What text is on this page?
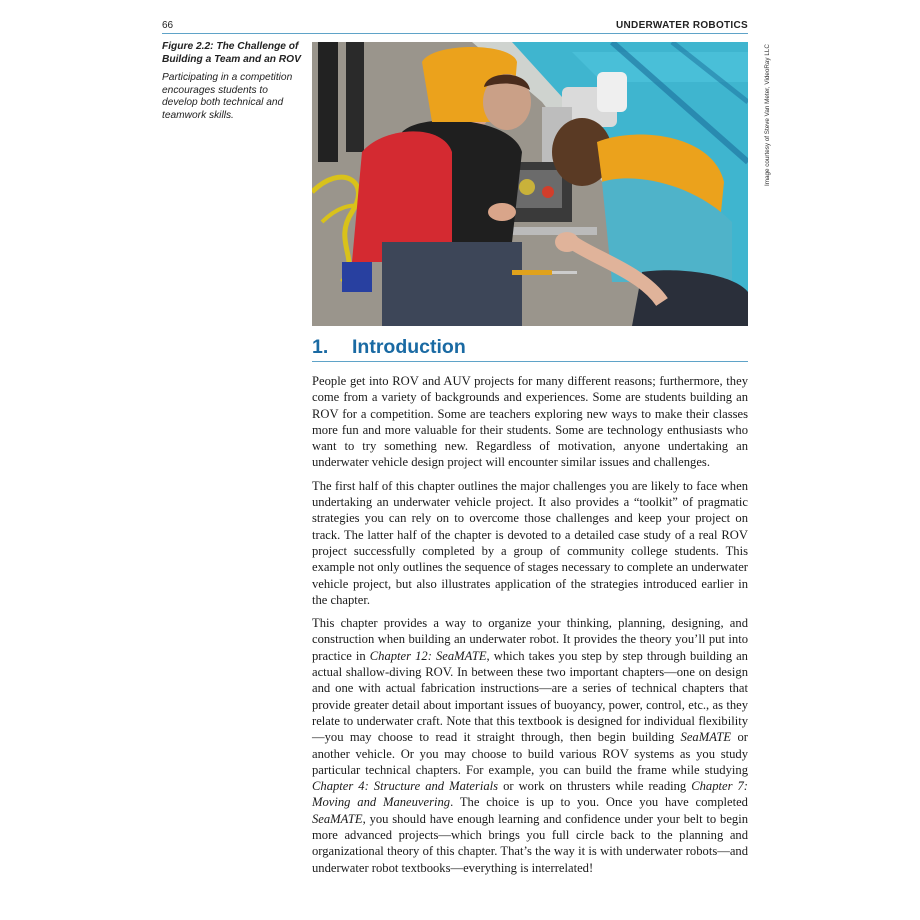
66	UNDERWATER ROBOTICS

Figure 2.2: The Challenge of Building a Team and an ROV

Participating in a competition encourages students to develop both technical and teamwork skills.	Image courtesy of Steve Van Meter, VideoRay LLC
1. Introduction

People get into ROV and AUV projects for many different reasons; furthermore, they come from a variety of backgrounds and experiences. Some are students building an ROV for a competition. Some are teachers exploring new ways to make their classes more fun and more valuable for their students. Some are technology enthusiasts who want to try something new. Regardless of motivation, anyone undertaking an underwater vehicle design project will encounter similar issues and challenges.

The first half of this chapter outlines the major challenges you are likely to face when undertaking an underwater vehicle project. It also provides a “toolkit” of pragmatic strategies you can rely on to overcome those challenges and keep your project on track. The latter half of the chapter is devoted to a detailed case study of a real ROV project successfully completed by a group of community college students. This example not only outlines the sequence of stages necessary to complete an underwater vehicle project, but also illustrates application of the strategies introduced earlier in the chapter.

This chapter provides a way to organize your thinking, planning, designing, and construction when building an underwater robot. It provides the theory you’ll put into practice in Chapter 12: SeaMATE, which takes you step by step through building an actual shallow-diving ROV. In between these two important chapters—one on design and one with actual fabrication instructions—are a series of technical chapters that provide greater detail about important issues of buoyancy, power, control, etc., as they relate to underwater craft. Note that this textbook is designed for individual flexibility—you may choose to read it straight through, then begin building SeaMATE or another vehicle. Or you may choose to build various ROV systems as you study particular technical chapters. For example, you can build the frame while studying Chapter 4: Structure and Materials or work on thrusters while reading Chapter 7: Moving and Maneuvering. The choice is up to you. Once you have completed SeaMATE, you should have enough learning and confidence under your belt to begin more advanced projects—which brings you full circle back to the planning and organizational theory of this chapter. That’s the way it is with underwater robots—and underwater robot textbooks—everything is interrelated!
